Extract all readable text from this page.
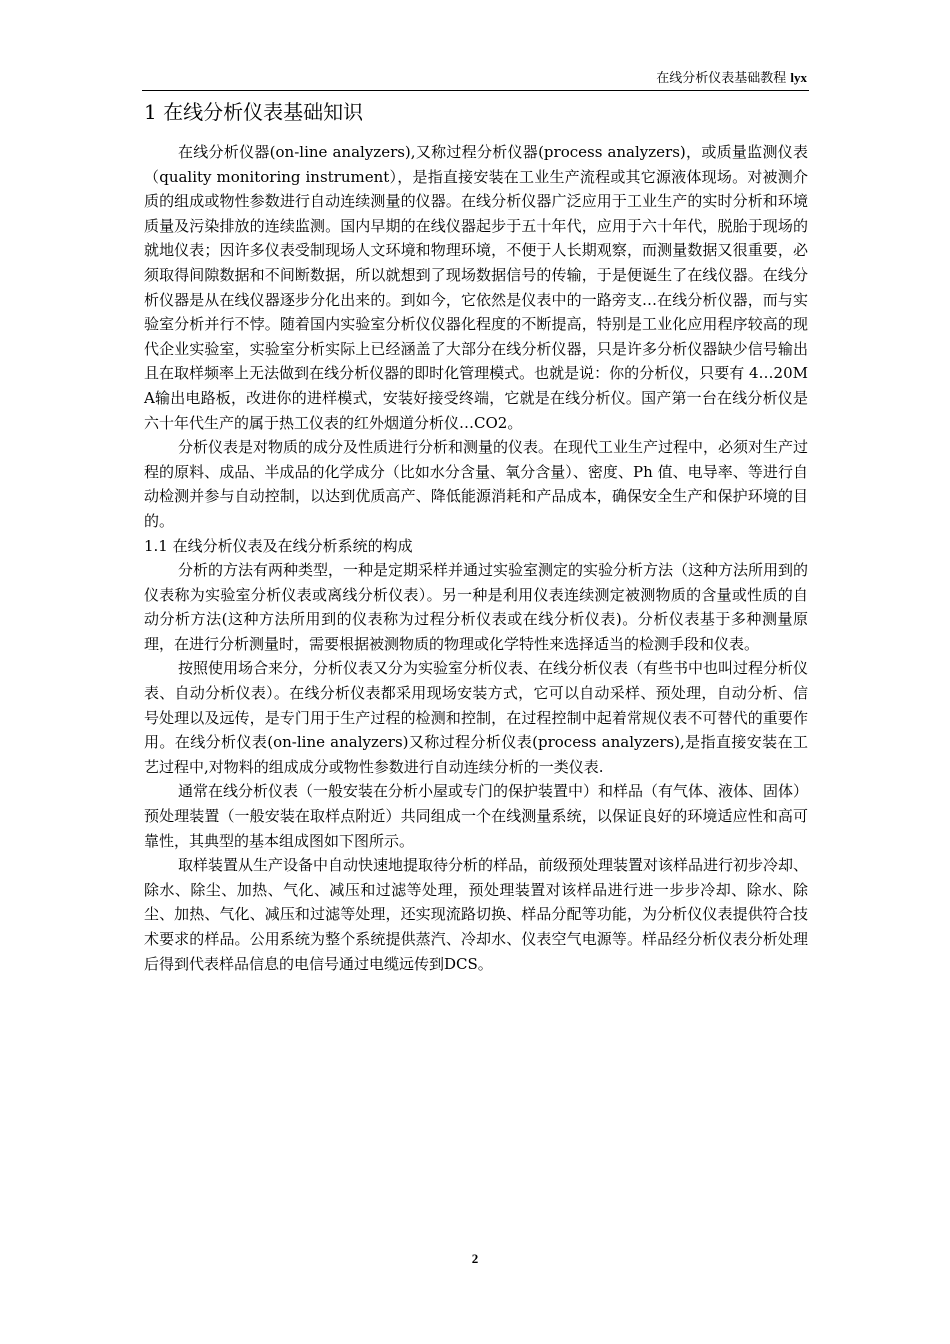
在线分析仪表基础教程 lyx
1 在线分析仪表基础知识

在线分析仪器(on-line analyzers),又称过程分析仪器(process analyzers)，或质量监测仪表（quality monitoring instrument），是指直接安装在工业生产流程或其它源液体现场。对被测介质的组成或物性参数进行自动连续测量的仪器。在线分析仪器广泛应用于工业生产的实时分析和环境质量及污染排放的连续监测。国内早期的在线仪器起步于五十年代，应用于六十年代，脱胎于现场的就地仪表；因许多仪表受制现场人文环境和物理环境，不便于人长期观察，而测量数据又很重要，必须取得间隙数据和不间断数据，所以就想到了现场数据信号的传输，于是便诞生了在线仪器。在线分析仪器是从在线仪器逐步分化出来的。到如今，它依然是仪表中的一路旁支…在线分析仪器，而与实验室分析并行不悖。随着国内实验室分析仪仪器化程度的不断提高，特别是工业化应用程序较高的现代企业实验室，实验室分析实际上已经涵盖了大部分在线分析仪器，只是许多分析仪器缺少信号输出且在取样频率上无法做到在线分析仪器的即时化管理模式。也就是说：你的分析仪，只要有 4…20MA输出电路板，改进你的进样模式，安装好接受终端，它就是在线分析仪。国产第一台在线分析仪是六十年代生产的属于热工仪表的红外烟道分析仪…CO2。

分析仪表是对物质的成分及性质进行分析和测量的仪表。在现代工业生产过程中，必须对生产过程的原料、成品、半成品的化学成分（比如水分含量、氧分含量）、密度、Ph 值、电导率、等进行自动检测并参与自动控制，以达到优质高产、降低能源消耗和产品成本，确保安全生产和保护环境的目的。

1.1 在线分析仪表及在线分析系统的构成

分析的方法有两种类型，一种是定期采样并通过实验室测定的实验分析方法（这种方法所用到的仪表称为实验室分析仪表或离线分析仪表）。另一种是利用仪表连续测定被测物质的含量或性质的自动分析方法(这种方法所用到的仪表称为过程分析仪表或在线分析仪表)。分析仪表基于多种测量原理，在进行分析测量时，需要根据被测物质的物理或化学特性来选择适当的检测手段和仪表。

按照使用场合来分，分析仪表又分为实验室分析仪表、在线分析仪表（有些书中也叫过程分析仪表、自动分析仪表）。在线分析仪表都采用现场安装方式，它可以自动采样、预处理，自动分析、信号处理以及远传，是专门用于生产过程的检测和控制，在过程控制中起着常规仪表不可替代的重要作用。在线分析仪表(on-line analyzers)又称过程分析仪表(process analyzers),是指直接安装在工艺过程中,对物料的组成成分或物性参数进行自动连续分析的一类仪表.

通常在线分析仪表（一般安装在分析小屋或专门的保护装置中）和样品（有气体、液体、固体）预处理装置（一般安装在取样点附近）共同组成一个在线测量系统，以保证良好的环境适应性和高可靠性，其典型的基本组成图如下图所示。

取样装置从生产设备中自动快速地提取待分析的样品，前级预处理装置对该样品进行初步冷却、除水、除尘、加热、气化、减压和过滤等处理，预处理装置对该样品进行进一步步冷却、除水、除尘、加热、气化、减压和过滤等处理，还实现流路切换、样品分配等功能，为分析仪仪表提供符合技术要求的样品。公用系统为整个系统提供蒸汽、冷却水、仪表空气电源等。样品经分析仪表分析处理后得到代表样品信息的电信号通过电缆远传到DCS。

2
